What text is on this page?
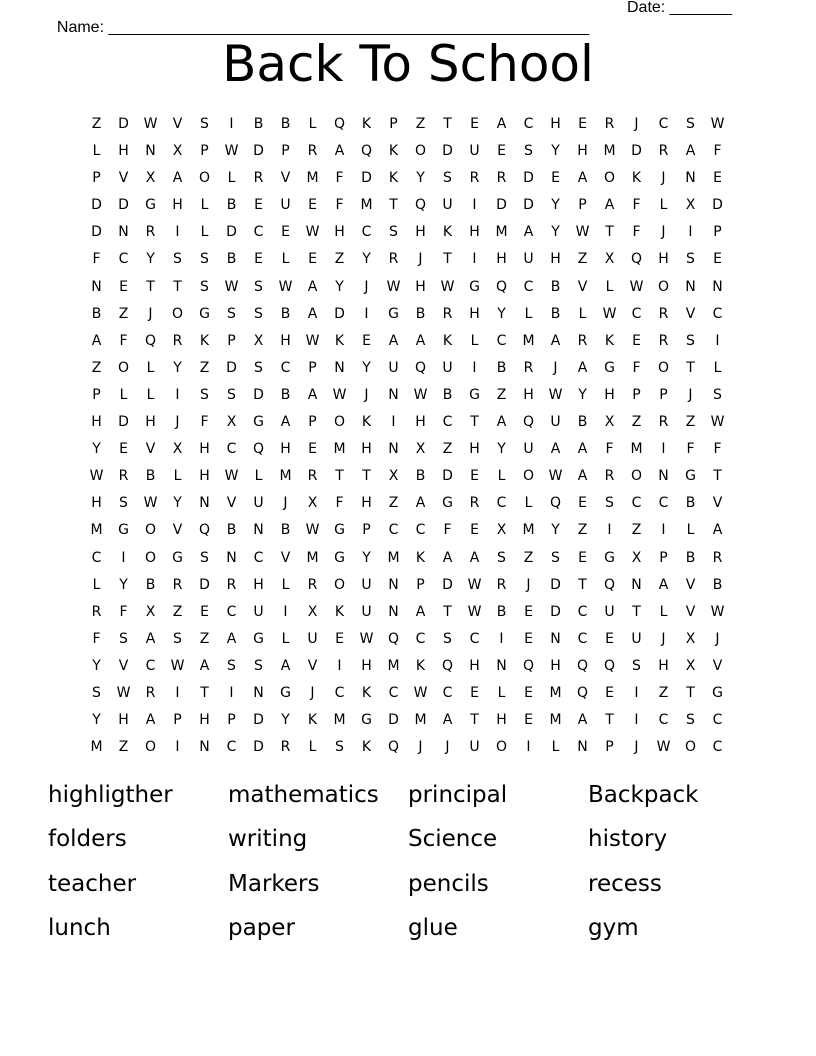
Name: ______________________________________________________

Date: _______

Back To School
Z	D	W	V	S	I	B	B	L	Q	K	P	Z	T	E	A	C	H	E	R	J	C	S	W
L	H	N	X	P	W	D	P	R	A	Q	K	O	D	U	E	S	Y	H	M	D	R	A	F
P	V	X	A	O	L	R	V	M	F	D	K	Y	S	R	R	D	E	A	O	K	J	N	E
D	D	G	H	L	B	E	U	E	F	M	T	Q	U	I	D	D	Y	P	A	F	L	X	D
D	N	R	I	L	D	C	E	W	H	C	S	H	K	H	M	A	Y	W	T	F	J	I	P
F	C	Y	S	S	B	E	L	E	Z	Y	R	J	T	I	H	U	H	Z	X	Q	H	S	E
N	E	T	T	S	W	S	W	A	Y	J	W	H	W	G	Q	C	B	V	L	W	O	N	N
B	Z	J	O	G	S	S	B	A	D	I	G	B	R	H	Y	L	B	L	W	C	R	V	C
A	F	Q	R	K	P	X	H	W	K	E	A	A	K	L	C	M	A	R	K	E	R	S	I
Z	O	L	Y	Z	D	S	C	P	N	Y	U	Q	U	I	B	R	J	A	G	F	O	T	L
P	L	L	I	S	S	D	B	A	W	J	N	W	B	G	Z	H	W	Y	H	P	P	J	S
H	D	H	J	F	X	G	A	P	O	K	I	H	C	T	A	Q	U	B	X	Z	R	Z	W
Y	E	V	X	H	C	Q	H	E	M	H	N	X	Z	H	Y	U	A	A	F	M	I	F	F
W	R	B	L	H	W	L	M	R	T	T	X	B	D	E	L	O	W	A	R	O	N	G	T
H	S	W	Y	N	V	U	J	X	F	H	Z	A	G	R	C	L	Q	E	S	C	C	B	V
M	G	O	V	Q	B	N	B	W	G	P	C	C	F	E	X	M	Y	Z	I	Z	I	L	A
C	I	O	G	S	N	C	V	M	G	Y	M	K	A	A	S	Z	S	E	G	X	P	B	R
L	Y	B	R	D	R	H	L	R	O	U	N	P	D	W	R	J	D	T	Q	N	A	V	B
R	F	X	Z	E	C	U	I	X	K	U	N	A	T	W	B	E	D	C	U	T	L	V	W
F	S	A	S	Z	A	G	L	U	E	W	Q	C	S	C	I	E	N	C	E	U	J	X	J
Y	V	C	W	A	S	S	A	V	I	H	M	K	Q	H	N	Q	H	Q	Q	S	H	X	V
S	W	R	I	T	I	N	G	J	C	K	C	W	C	E	L	E	M	Q	E	I	Z	T	G
Y	H	A	P	H	P	D	Y	K	M	G	D	M	A	T	H	E	M	A	T	I	C	S	C
M	Z	O	I	N	C	D	R	L	S	K	Q	J	J	U	O	I	L	N	P	J	W	O	C
highligther	mathematics	principal	Backpack
folders	writing	Science	history
teacher	Markers	pencils	recess
lunch	paper	glue	gym
